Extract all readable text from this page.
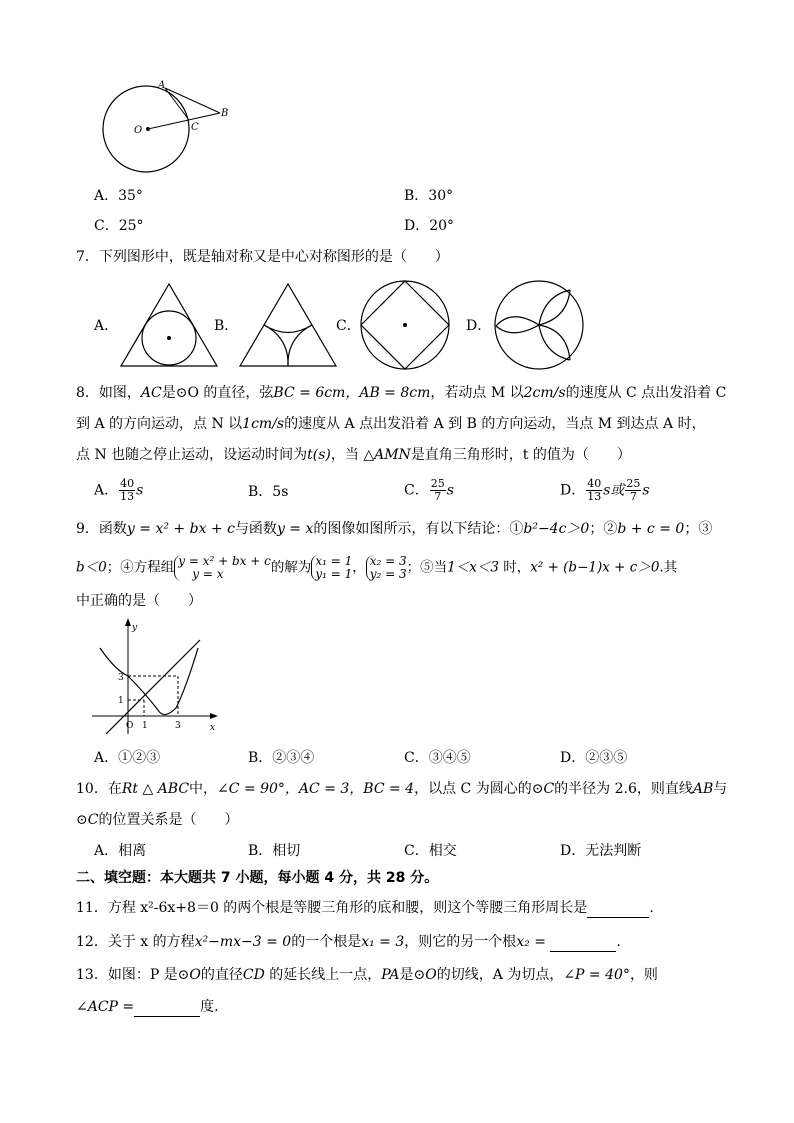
A
B
C
O
A．35°	B．30°
C．25°	D．20°
7．下列图形中，既是轴对称又是中心对称图形的是（　　）
A．	B．	C．	D．
8．如图，AC是⊙O 的直径，弦BC = 6cm，AB = 8cm，若动点 M 以2cm/s的速度从 C 点出发沿着 C
到 A 的方向运动，点 N 以1cm/s的速度从 A 点出发沿着 A 到 B 的方向运动，当点 M 到达点 A 时，
点 N 也随之停止运动，设运动时间为t(s)，当 △AMN是直角三角形时，t 的值为（　　）
A． $\frac{40}{13}$ s	B．5s	C． $\frac{25}{7}$ s	D． $\frac{40}{13}$ s或 $\frac{25}{7}$ s
9．函数y = x² + bx + c与函数y = x的图像如图所示，有以下结论：①b²−4c＞0；②b + c = 0；③
b＜0；④方程组 y = x² + bx + c
y = x	的解为 x₁ = 1
y₁ = 1 ， x₂ = 3
y₂ = 3 ；⑤当1＜x＜3 时，x² + (b−1)x + c＞0.其
中正确的是（　　）
y
x
O 1	3
1
3
A．①②③	B．②③④	C．③④⑤	D．②③⑤
10．在Rt △ ABC中，∠C = 90°，AC = 3，BC = 4，以点 C 为圆心的⊙C的半径为 2.6，则直线AB与
⊙C的位置关系是（　　）
A．相离	B．相切	C．相交	D．无法判断
二、填空题：本大题共 7 小题，每小题 4 分，共 28 分。
11．方程 x²-6x+8＝0 的两个根是等腰三角形的底和腰，则这个等腰三角形周长是	.
12．关于 x 的方程x²−mx−3 = 0的一个根是x₁ = 3，则它的另一个根x₂ =	.
13．如图：P 是⊙O的直径CD 的延长线上一点，PA是⊙O的切线，A 为切点，∠P = 40°，则
∠ACP =	度.
